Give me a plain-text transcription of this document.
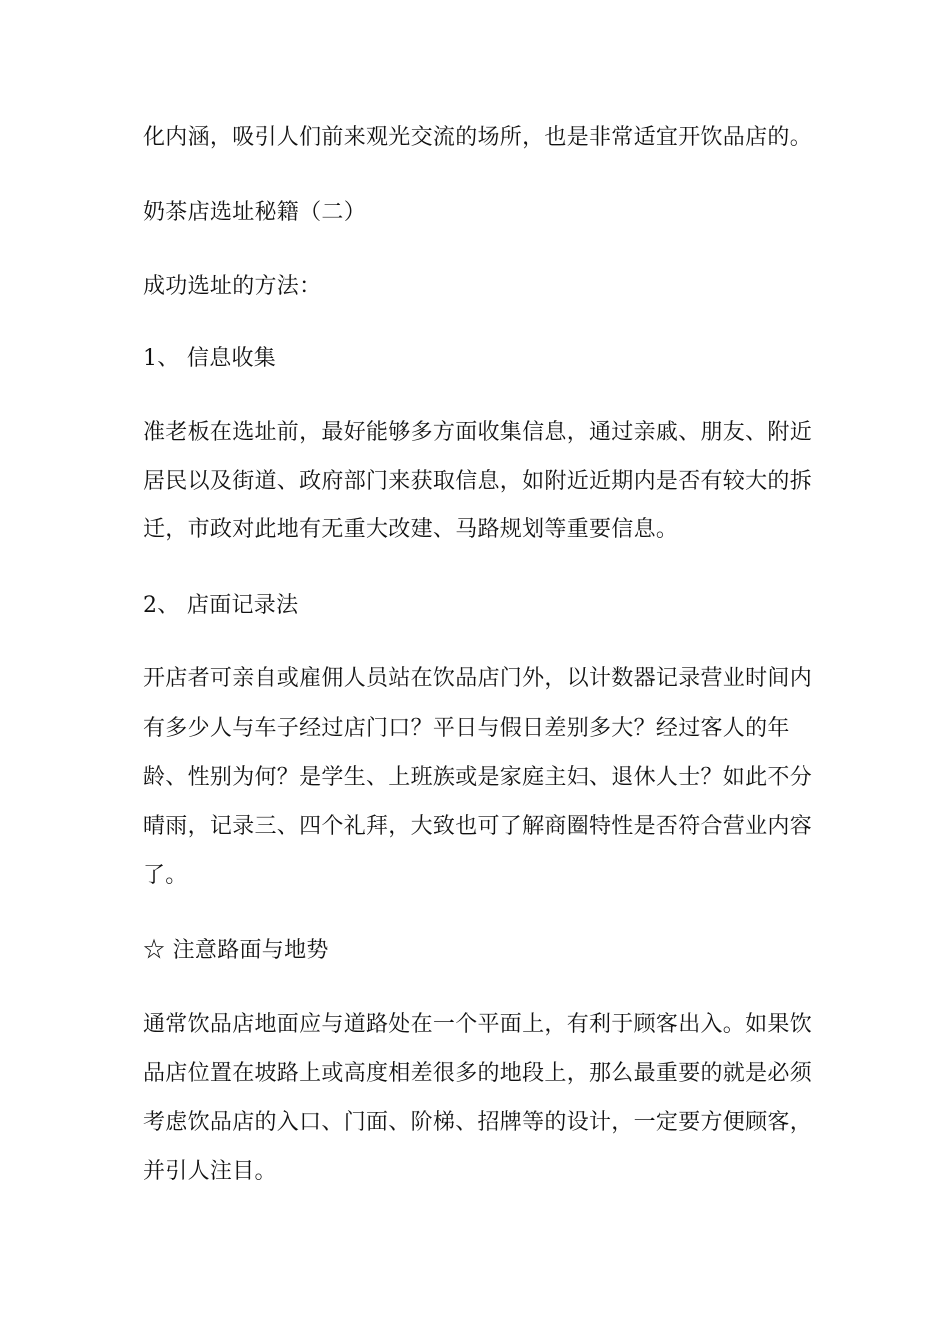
化内涵，吸引人们前来观光交流的场所，也是非常适宜开饮品店的。
奶茶店选址秘籍（二）
成功选址的方法：
1、 信息收集
准老板在选址前，最好能够多方面收集信息，通过亲戚、朋友、附近
居民以及街道、政府部门来获取信息，如附近近期内是否有较大的拆
迁，市政对此地有无重大改建、马路规划等重要信息。
2、 店面记录法
开店者可亲自或雇佣人员站在饮品店门外，以计数器记录营业时间内
有多少人与车子经过店门口？平日与假日差别多大？经过客人的年
龄、性别为何？是学生、上班族或是家庭主妇、退休人士？如此不分
晴雨，记录三、四个礼拜，大致也可了解商圈特性是否符合营业内容
了。
☆ 注意路面与地势
通常饮品店地面应与道路处在一个平面上，有利于顾客出入。如果饮
品店位置在坡路上或高度相差很多的地段上，那么最重要的就是必须
考虑饮品店的入口、门面、阶梯、招牌等的设计，一定要方便顾客，
并引人注目。
